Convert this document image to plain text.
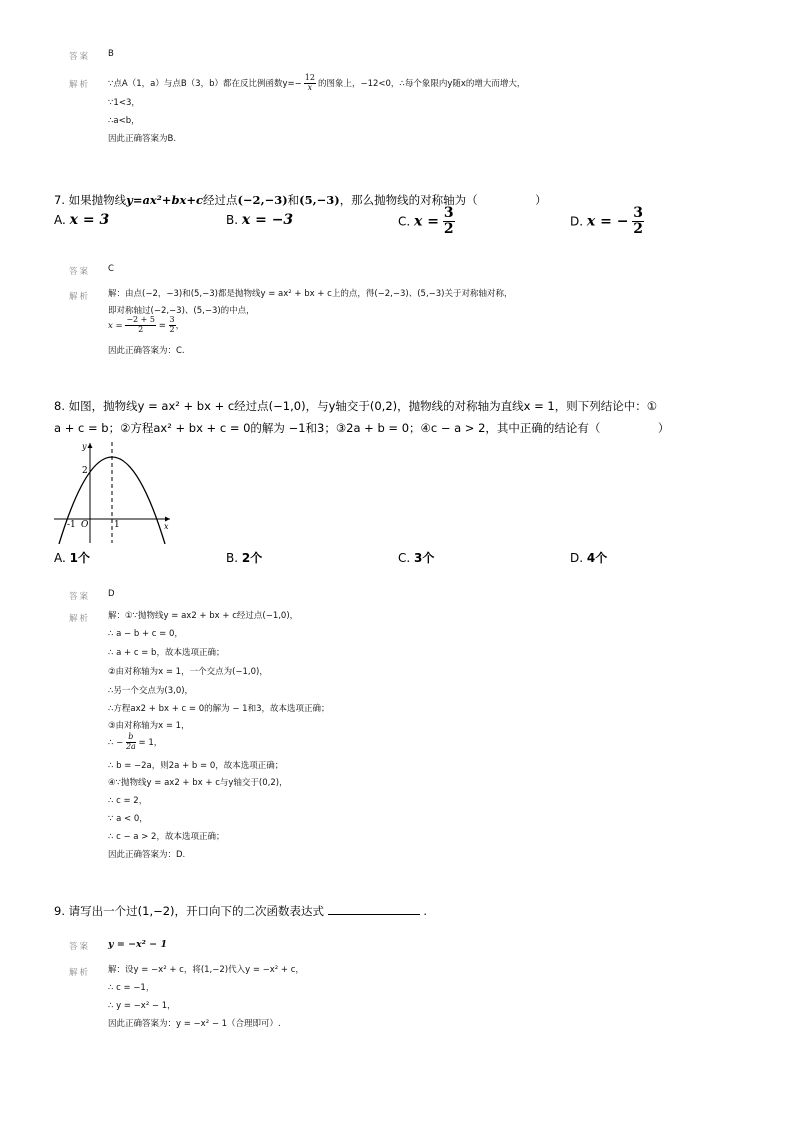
答案 B
解析 ∵点A（1，a）与点B（3，b）都在反比例函数$y=- \frac{12}{x}$ 的图象上，−12<0，∴每个象限内y随x的增大而增大，
∵1<3，
∴a<b，
因此正确答案为B.
7. 如果抛物线y=ax²+bx+c经过点(−2,−3)和(5,−3)，那么抛物线的对称轴为（　　　　　）
A. x = 3	B. x = −3	C. $x = \frac{3}{2}$	D. x = − $\frac{3}{2}$
答案 C
解析 解：由点(−2，−3)和(5,−3)都是抛物线y = ax² + bx + c上的点，得(−2,−3)、(5,−3)关于对称轴对称，
即对称轴过(−2,−3)、(5,−3)的中点，
$x = \frac{-2 + 5}{2} = \frac{3}{2}$ ，
因此正确答案为：C.
8. 如图，抛物线y = ax² + bx + c经过点(−1,0)，与y轴交于(0,2)，抛物线的对称轴为直线x = 1，则下列结论中：①
a + c = b；②方程ax² + bx + c = 0的解为 −1和3；③2a + b = 0；④c − a > 2，其中正确的结论有（　　　　　）
y
x
2
-1 O	1
A. 1个	B. 2个	C. 3个	D. 4个
答案 D
解析 解：①∵抛物线y = ax2 + bx + c经过点(−1,0)，
∴ a − b + c = 0，
∴ a + c = b，故本选项正确；
②由对称轴为x = 1，一个交点为(−1,0)，
∴另一个交点为(3,0)，
∴方程ax2 + bx + c = 0的解为 − 1和3，故本选项正确；
③由对称轴为x = 1，
∴ − $\frac{b}{2a} = 1$，
∴ b = −2a，则2a + b = 0，故本选项正确；
④∵抛物线y = ax2 + bx + c与y轴交于(0,2)，
∴ c = 2，
∵ a < 0，
∴ c − a > 2，故本选项正确；
因此正确答案为：D.
9. 请写出一个过(1,−2)，开口向下的二次函数表达式	.
答案 y = −x² − 1
解析 解：设y = −x² + c，将(1,−2)代入y = −x² + c，
∴ c = −1，
∴ y = −x² − 1，
因此正确答案为：y = −x² − 1（合理即可）.
